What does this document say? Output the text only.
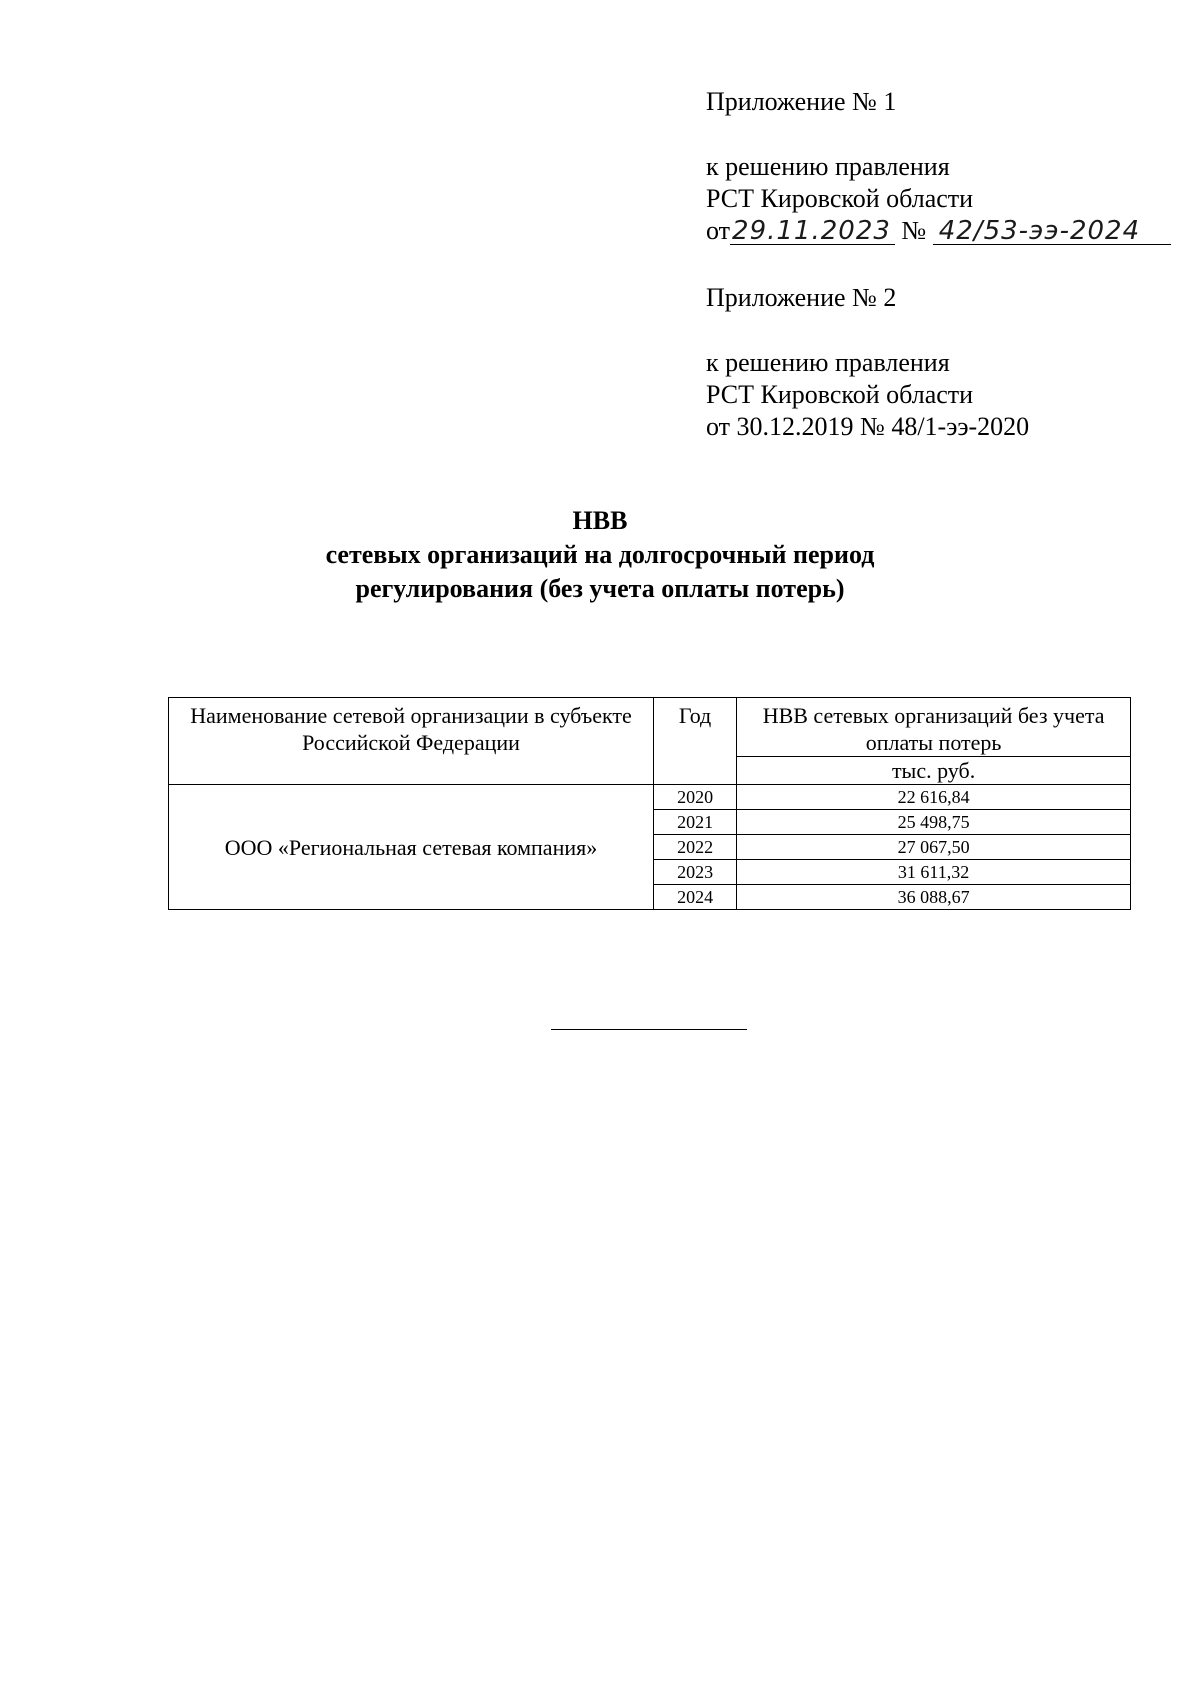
Приложение № 1
к решению правления
РСТ Кировской области
от29.11.2023 № 42/53-ээ-2024
Приложение № 2
к решению правления
РСТ Кировской области
от 30.12.2019 № 48/1-ээ-2020
НВВ
сетевых организаций на долгосрочный период
регулирования (без учета оплаты потерь)
Наименование сетевой организации в субъекте Российской Федерации	Год	НВВ сетевых организаций без учета оплаты потерь
		тыс. руб.
ООО «Региональная сетевая компания»	2020	22 616,84
	2021	25 498,75
	2022	27 067,50
	2023	31 611,32
	2024	36 088,67
